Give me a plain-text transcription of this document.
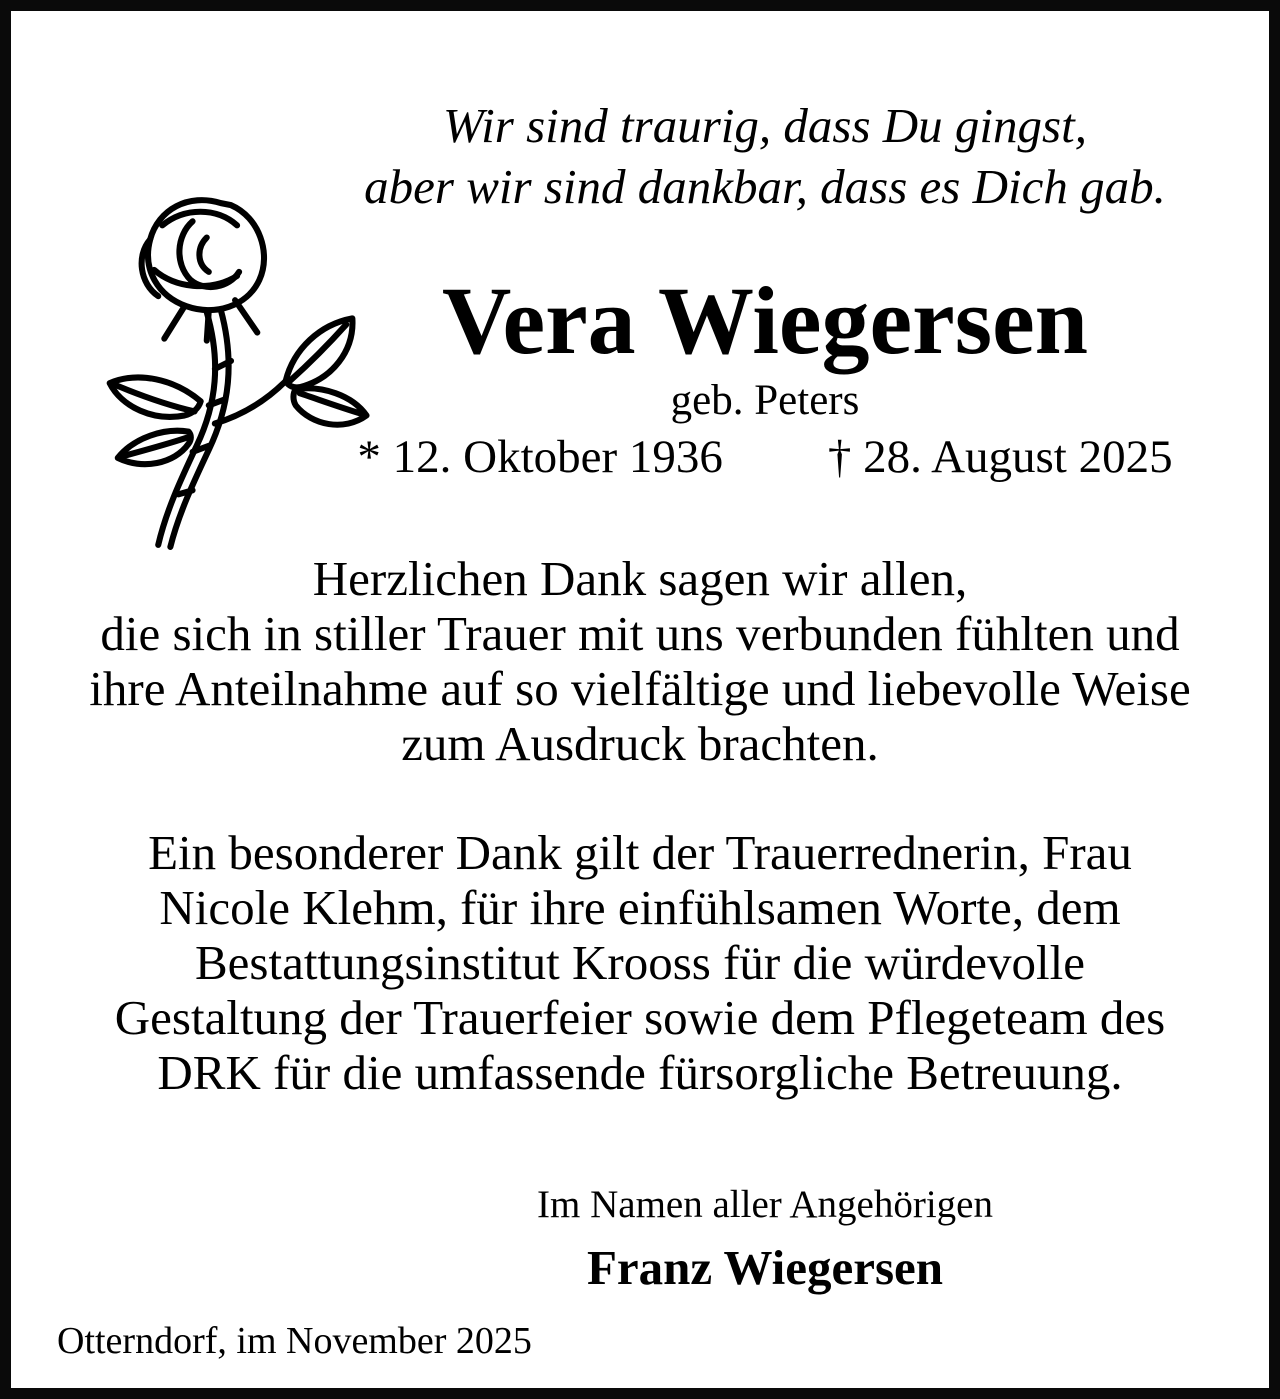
Wir sind traurig, dass Du gingst,
aber wir sind dankbar, dass es Dich gab.
Vera Wiegersen
geb. Peters
* 12. Oktober 1936 † 28. August 2025
Herzlichen Dank sagen wir allen,
die sich in stiller Trauer mit uns verbunden fühlten und
ihre Anteilnahme auf so vielfältige und liebevolle Weise
zum Ausdruck brachten.
Ein besonderer Dank gilt der Trauerrednerin, Frau
Nicole Klehm, für ihre einfühlsamen Worte, dem
Bestattungsinstitut Krooss für die würdevolle
Gestaltung der Trauerfeier sowie dem Pflegeteam des
DRK für die umfassende fürsorgliche Betreuung.
Im Namen aller Angehörigen
Franz Wiegersen
Otterndorf, im November 2025
